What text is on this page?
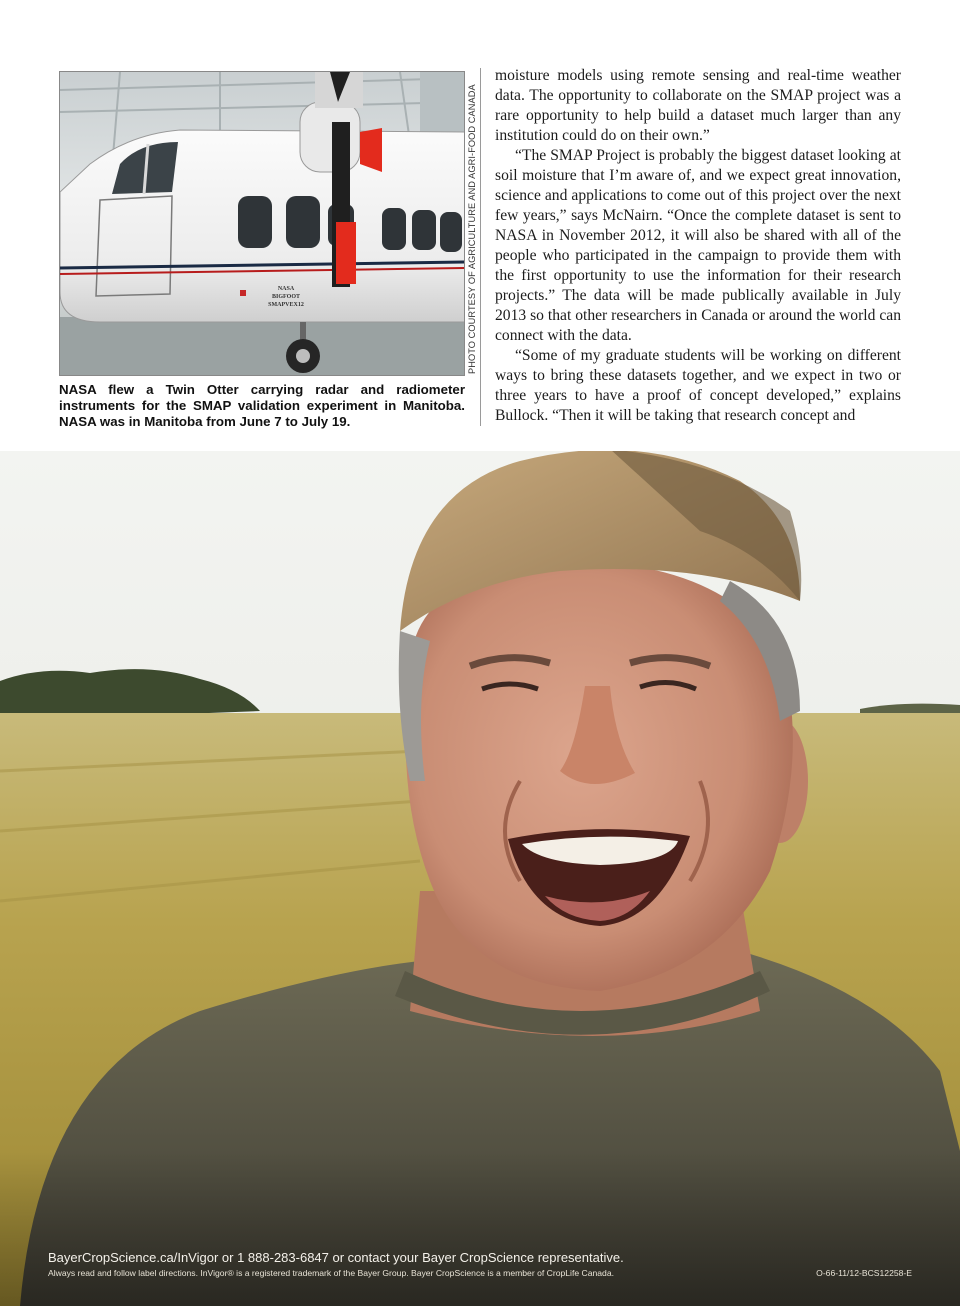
NASA
BIGFOOT
SMAPVEX12	PHOTO COURTESY OF AGRICULTURE AND AGRI-FOOD CANADA

NASA flew a Twin Otter carrying radar and radiometer instruments for the SMAP validation experiment in Manitoba. NASA was in Manitoba from June 7 to July 19.

moisture models using remote sensing and real-time weather data. The opportunity to collaborate on the SMAP project was a rare opportunity to help build a dataset much larger than any institution could do on their own.”

“The SMAP Project is probably the biggest dataset looking at soil moisture that I’m aware of, and we expect great innovation, science and applications to come out of this project over the next few years,” says McNairn. “Once the complete dataset is sent to NASA in November 2012, it will also be shared with all of the people who participated in the campaign to provide them with the first opportunity to use the information for their research projects.” The data will be made publically available in July 2013 so that other researchers in Canada or around the world can connect with the data.

“Some of my graduate students will be working on different ways to bring these datasets together, and we expect in two or three years to have a proof of concept developed,” explains Bullock. “Then it will be taking that research concept and

BayerCropScience.ca/InVigor or 1 888-283-6847 or contact your Bayer CropScience representative.
Always read and follow label directions. InVigor® is a registered trademark of the Bayer Group. Bayer CropScience is a member of CropLife Canada.	O-66-11/12-BCS12258-E
